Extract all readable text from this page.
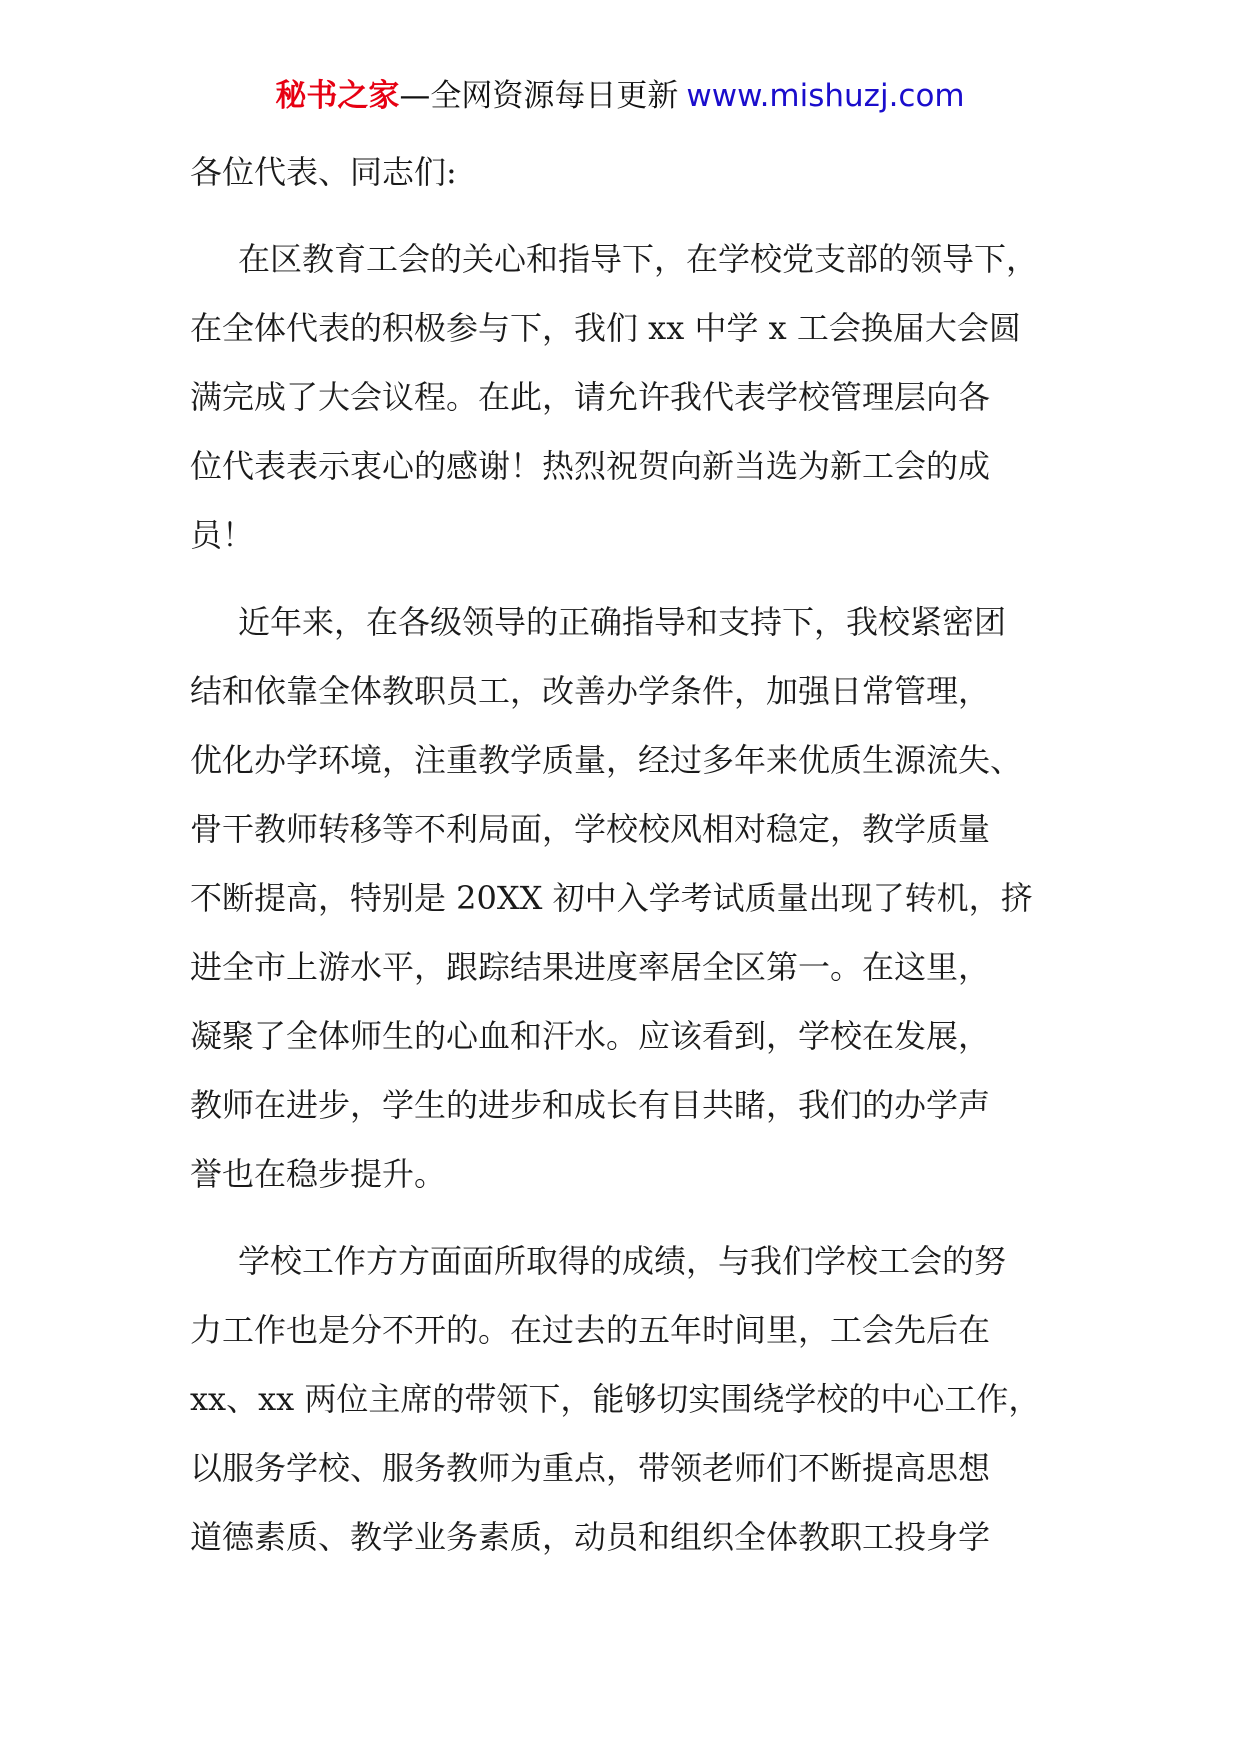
秘书之家—全网资源每日更新 www.mishuzj.com
各位代表、同志们:
在区教育工会的关心和指导下，在学校党支部的领导下，
在全体代表的积极参与下，我们 xx 中学 x 工会换届大会圆
满完成了大会议程。在此，请允许我代表学校管理层向各
位代表表示衷心的感谢！热烈祝贺向新当选为新工会的成
员！
近年来，在各级领导的正确指导和支持下，我校紧密团
结和依靠全体教职员工，改善办学条件，加强日常管理，
优化办学环境，注重教学质量，经过多年来优质生源流失、
骨干教师转移等不利局面，学校校风相对稳定，教学质量
不断提高，特别是 20XX 初中入学考试质量出现了转机，挤
进全市上游水平，跟踪结果进度率居全区第一。在这里，
凝聚了全体师生的心血和汗水。应该看到，学校在发展，
教师在进步，学生的进步和成长有目共睹，我们的办学声
誉也在稳步提升。
学校工作方方面面所取得的成绩，与我们学校工会的努
力工作也是分不开的。在过去的五年时间里，工会先后在
xx、xx 两位主席的带领下，能够切实围绕学校的中心工作，
以服务学校、服务教师为重点，带领老师们不断提高思想
道德素质、教学业务素质，动员和组织全体教职工投身学
